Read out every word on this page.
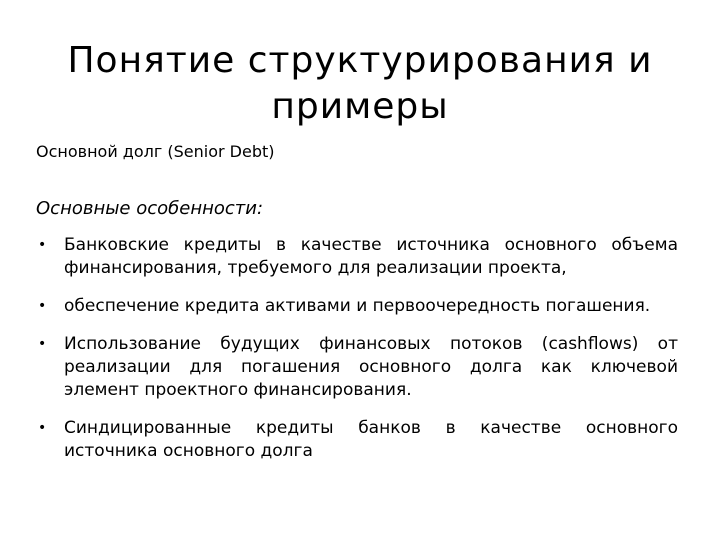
Понятие структурирования и примеры

Основной долг (Senior Debt)

Основные особенности:

• Банковские кредиты в качестве источника основного объема финансирования, требуемого для реализации проекта,
• обеспечение кредита активами и первоочередность погашения.
• Использование будущих финансовых потоков (cashflows) от реализации для погашения основного долга как ключевой элемент проектного финансирования.
• Синдицированные кредиты банков в качестве основного источника основного долга
